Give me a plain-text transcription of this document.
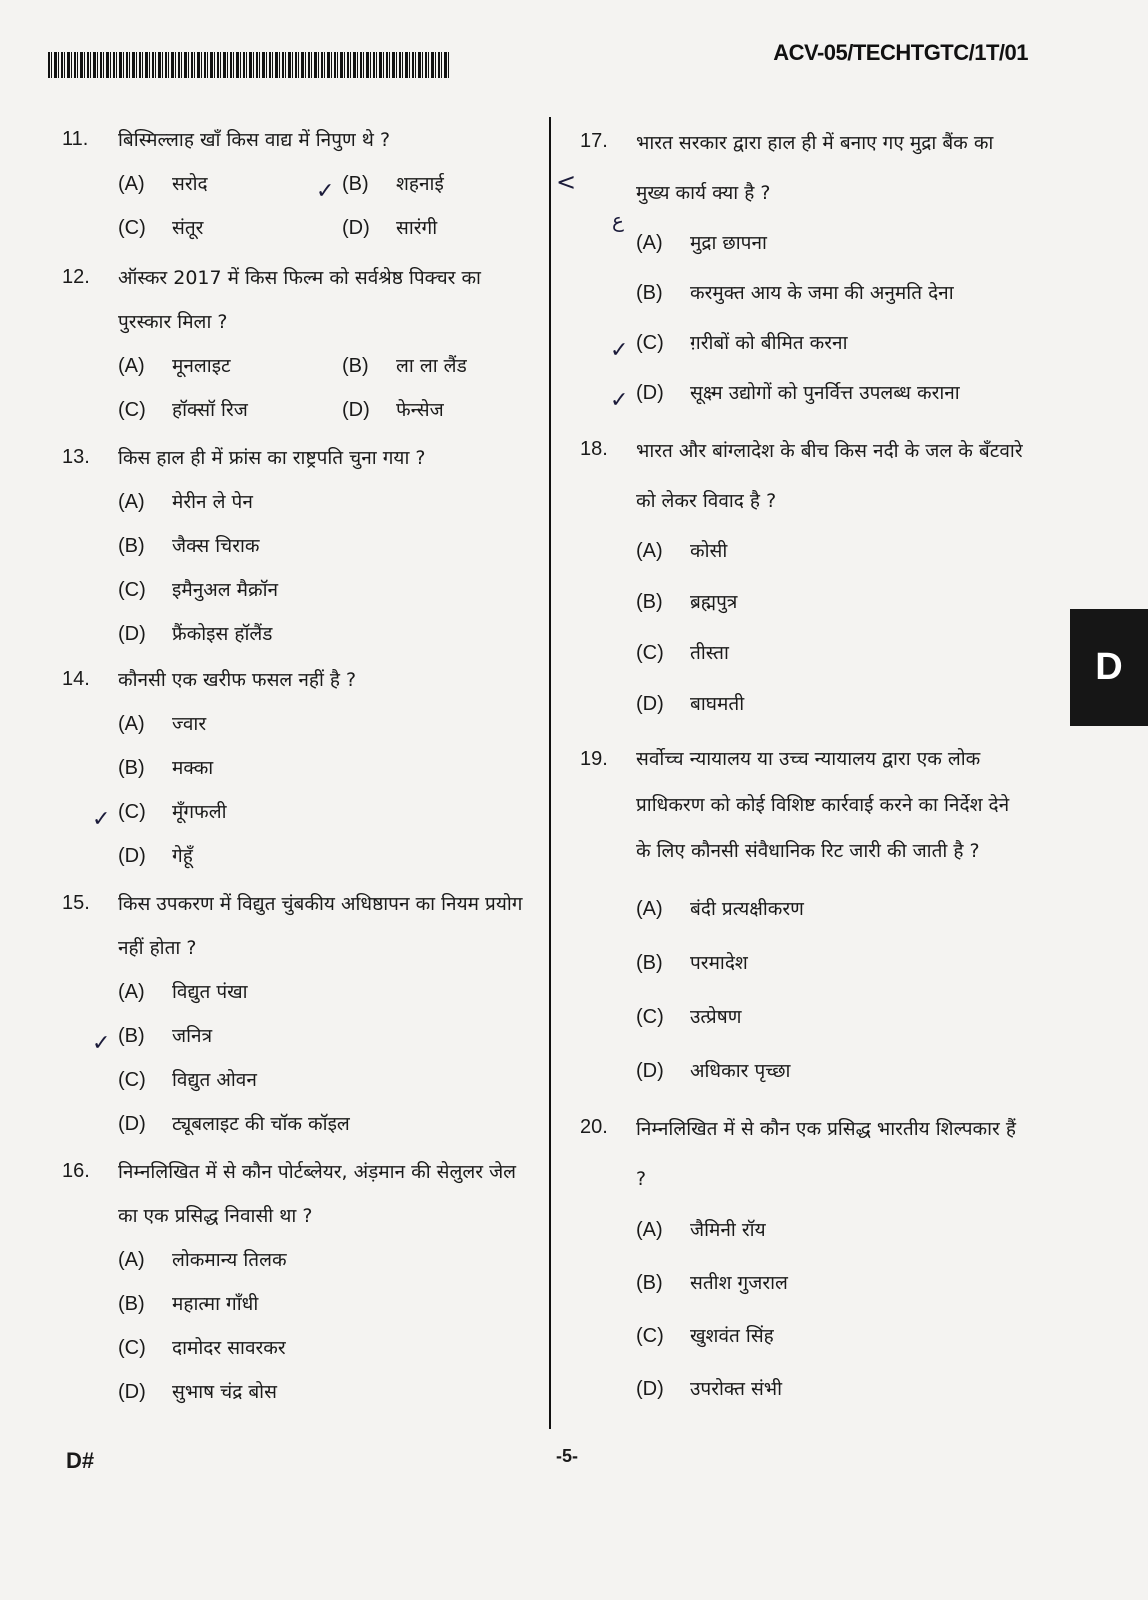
ACV-05/TECHTGTC/1T/01
D
11. बिस्मिल्लाह खाँ किस वाद्य में निपुण थे ?
(A) सरोद	✓ (B) शहनाई
(C) संतूर	(D) सारंगी
12. ऑस्कर 2017 में किस फिल्म को सर्वश्रेष्ठ पिक्चर का पुरस्कार मिला ?
(A) मूनलाइट	(B) ला ला लैंड
(C) हॉक्सॉ रिज	(D) फेन्सेज
13. किस हाल ही में फ्रांस का राष्ट्रपति चुना गया ?
(A) मेरीन ले पेन
(B) जैक्स चिराक
(C) इमैनुअल मैक्रॉन
(D) फ्रैंकोइस हॉलैंड
14. कौनसी एक खरीफ फसल नहीं है ?
(A) ज्वार
(B) मक्का
✓ (C) मूँगफली
(D) गेहूँ
15. किस उपकरण में विद्युत चुंबकीय अधिष्ठापन का नियम प्रयोग नहीं होता ?
(A) विद्युत पंखा
✓ (B) जनित्र
(C) विद्युत ओवन
(D) ट्यूबलाइट की चॉक कॉइल
16. निम्नलिखित में से कौन पोर्टब्लेयर, अंड़मान की सेलुलर जेल का एक प्रसिद्ध निवासी था ?
(A) लोकमान्य तिलक
(B) महात्मा गाँधी
(C) दामोदर सावरकर
(D) सुभाष चंद्र बोस
17. भारत सरकार द्वारा हाल ही में बनाए गए मुद्रा बैंक का मुख्य कार्य क्या है ?
(A) मुद्रा छापना
(B) करमुक्त आय के जमा की अनुमति देना
✓ (C) ग़रीबों को बीमित करना
✓ (D) सूक्ष्म उद्योगों को पुनर्वित्त उपलब्ध कराना
18. भारत और बांग्लादेश के बीच किस नदी के जल के बँटवारे को लेकर विवाद है ?
(A) कोसी
(B) ब्रह्मपुत्र
(C) तीस्ता
(D) बाघमती
19. सर्वोच्च न्यायालय या उच्च न्यायालय द्वारा एक लोक प्राधिकरण को कोई विशिष्ट कार्रवाई करने का निर्देश देने के लिए कौनसी संवैधानिक रिट जारी की जाती है ?
(A) बंदी प्रत्यक्षीकरण
(B) परमादेश
(C) उत्प्रेषण
(D) अधिकार पृच्छा
20. निम्नलिखित में से कौन एक प्रसिद्ध भारतीय शिल्पकार हैं ?
(A) जैमिनी रॉय
(B) सतीश गुजराल
(C) खुशवंत सिंह
(D) उपरोक्त संभी
<
ع
D#	-5-
